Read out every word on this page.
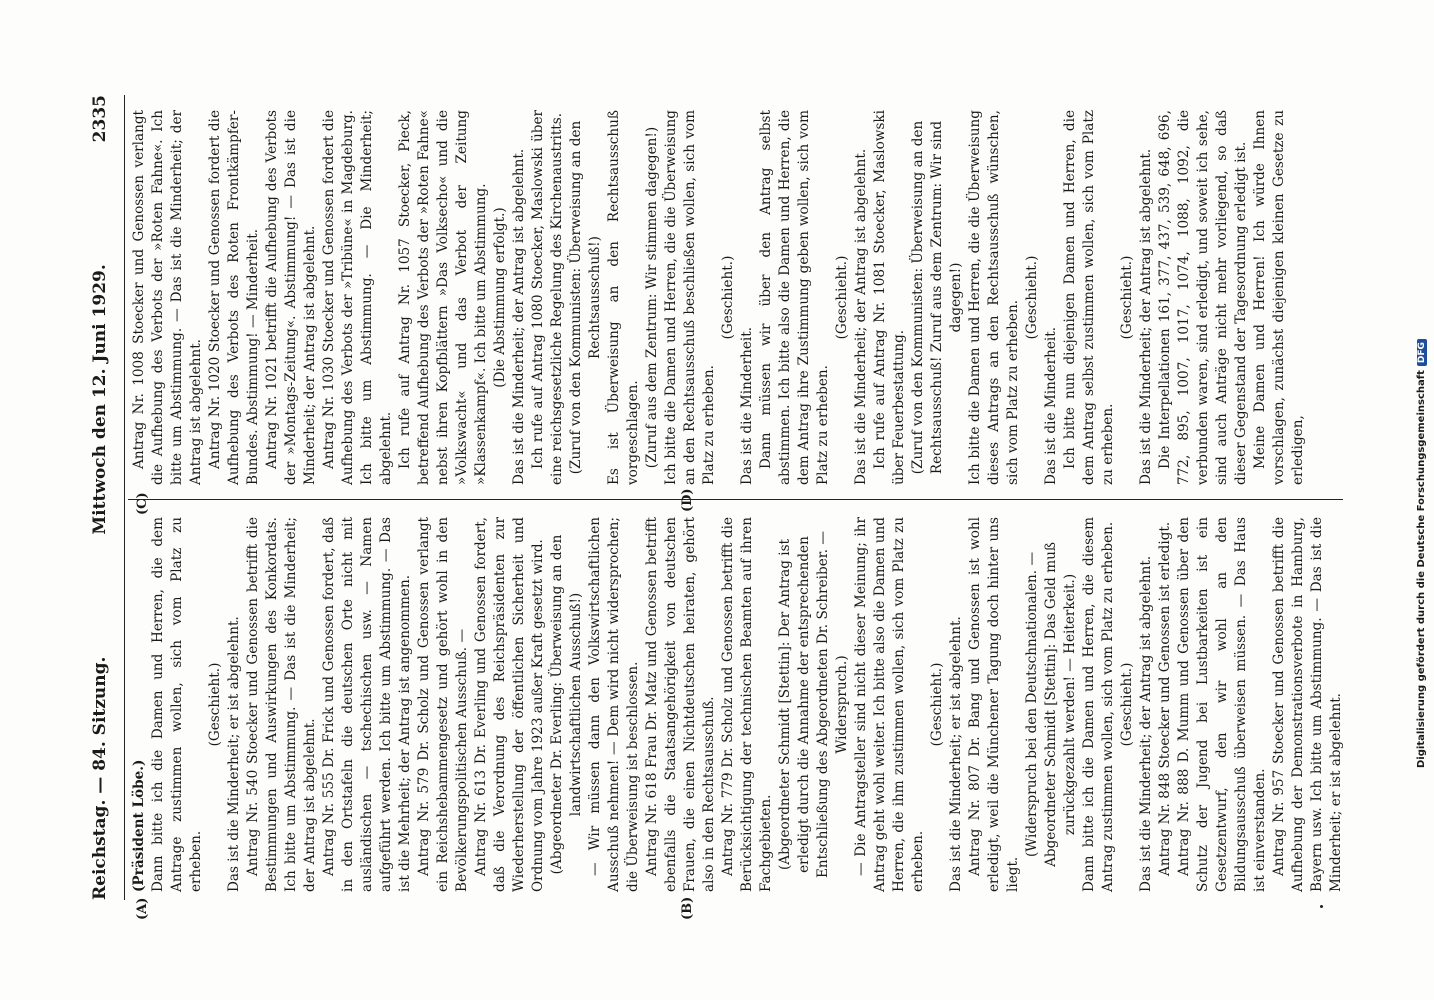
Reichstag. — 84. Sitzung.
Mittwoch den 12. Juni 1929.
2335
(A)	(B)
(C)	(D)

(Präsident Löbe.) Dann bitte ich die Damen und Herren, die dem Antrage zustimmen wollen, sich vom Platz zu erheben.

(Geschieht.) Das ist die Minderheit; er ist abgelehnt. Antrag Nr. 540 Stoecker und Genossen betrifft die Bestimmungen und Auswirkungen des Konkordats. Ich bitte um Abstimmung. — Das ist die Minderheit; der Antrag ist abgelehnt. Antrag Nr. 555 Dr. Frick und Genossen fordert, daß in den Ortstafeln die deutschen Orte nicht mit ausländischen — tschechischen usw. — Namen aufgeführt werden. Ich bitte um Abstimmung. — Das ist die Mehrheit; der Antrag ist angenommen. Antrag Nr. 579 Dr. Scholz und Genossen verlangt ein Reichshebammengesetz und gehört wohl in den Bevölkerungspolitischen Ausschuß. — Antrag Nr. 613 Dr. Everling und Genossen fordert, daß die Verordnung des Reichspräsidenten zur Wiederherstellung der öffentlichen Sicherheit und Ordnung vom Jahre 1923 außer Kraft gesetzt wird. (Abgeordneter Dr. Everling: Überweisung an den landwirtschaftlichen Ausschuß!) — Wir müssen dann den Volkswirtschaftlichen Ausschuß nehmen! — Dem wird nicht widersprochen; die Überweisung ist beschlossen. Antrag Nr. 618 Frau Dr. Matz und Genossen betrifft ebenfalls die Staatsangehörigkeit von deutschen Frauen, die einen Nichtdeutschen heiraten, gehört also in den Rechtsausschuß. Antrag Nr. 779 Dr. Scholz und Genossen betrifft die Berücksichtigung der technischen Beamten auf ihren Fachgebieten. (Abgeordneter Schmidt [Stettin]: Der Antrag ist erledigt durch die Annahme der entsprechenden Entschließung des Abgeordneten Dr. Schreiber. — Widerspruch.) — Die Antragsteller sind nicht dieser Meinung; ihr Antrag geht wohl weiter. Ich bitte also die Damen und Herren, die ihm zustimmen wollen, sich vom Platz zu erheben.

(Geschieht.) Das ist die Minderheit; er ist abgelehnt. Antrag Nr. 807 Dr. Bang und Genossen ist wohl erledigt, weil die Münchener Tagung doch hinter uns liegt.

(Widerspruch bei den Deutschnationalen. — Abgeordneter Schmidt [Stettin]: Das Geld muß zurückgezahlt werden! — Heiterkeit.) Dann bitte ich die Damen und Herren, die diesem Antrag zustimmen wollen, sich vom Platz zu erheben. (Geschieht.) Das ist die Minderheit; der Antrag ist abgelehnt. Antrag Nr. 848 Stoecker und Genossen ist erledigt. Antrag Nr. 888 D. Mumm und Genossen über den Schutz der Jugend bei Lustbarkeiten ist ein Gesetzentwurf, den wir wohl an den Bildungsausschuß überweisen müssen. — Das Haus ist einverstanden. Antrag Nr. 957 Stoecker und Genossen betrifft die Aufhebung der Demonstrationsverbote in Hamburg, Bayern usw. Ich bitte um Abstimmung. — Das ist die Minderheit; er ist abgelehnt.

Antrag Nr. 1008 Stoecker und Genossen verlangt die Aufhebung des Verbots der »Roten Fahne«. Ich bitte um Abstimmung. — Das ist die Minderheit; der Antrag ist abgelehnt. Antrag Nr. 1020 Stoecker und Genossen fordert die Aufhebung des Verbots des Roten Frontkämpfer-Bundes. Abstimmung! — Minderheit. Antrag Nr. 1021 betrifft die Aufhebung des Verbots der »Montags-Zeitung«. Abstimmung! — Das ist die Minderheit; der Antrag ist abgelehnt. Antrag Nr. 1030 Stoecker und Genossen fordert die Aufhebung des Verbots der »Tribüne« in Magdeburg. Ich bitte um Abstimmung. — Die Minderheit; abgelehnt. Ich rufe auf Antrag Nr. 1057 Stoecker, Pieck, betreffend Aufhebung des Verbots der »Roten Fahne« nebst ihren Kopfblättern »Das Volksecho« und die »Volkswacht« und das Verbot der Zeitung »Klassenkampf«. Ich bitte um Abstimmung. (Die Abstimmung erfolgt.) Das ist die Minderheit; der Antrag ist abgelehnt. Ich rufe auf Antrag 1080 Stoecker, Maslowski über eine reichsgesetzliche Regelung des Kirchenaustritts. (Zuruf von den Kommunisten: Überweisung an den Rechtsausschuß!) Es ist Überweisung an den Rechtsausschuß vorgeschlagen. (Zuruf aus dem Zentrum: Wir stimmen dagegen!) Ich bitte die Damen und Herren, die die Überweisung an den Rechtsausschuß beschließen wollen, sich vom Platz zu erheben.

(Geschieht.)

Das ist die Minderheit. Dann müssen wir über den Antrag selbst abstimmen. Ich bitte also die Damen und Herren, die dem Antrag ihre Zustimmung geben wollen, sich vom Platz zu erheben.

(Geschieht.) Das ist die Minderheit; der Antrag ist abgelehnt. Ich rufe auf Antrag Nr. 1081 Stoecker, Maslowski über Feuerbestattung. (Zuruf von den Kommunisten: Überweisung an den Rechtsausschuß! Zuruf aus dem Zentrum: Wir sind dagegen!) Ich bitte die Damen und Herren, die die Überweisung dieses Antrags an den Rechtsausschuß wünschen, sich vom Platz zu erheben.

(Geschieht.)

Das ist die Minderheit. Ich bitte nun diejenigen Damen und Herren, die dem Antrag selbst zustimmen wollen, sich vom Platz zu erheben.

(Geschieht.) Das ist die Minderheit; der Antrag ist abgelehnt. Die Interpellationen 161, 377, 437, 539, 648, 696, 772, 895, 1007, 1017, 1074, 1088, 1092, die verbunden waren, sind erledigt, und soweit ich sehe, sind auch Anträge nicht mehr vorliegend, so daß dieser Gegenstand der Tagesordnung erledigt ist. Meine Damen und Herren! Ich würde Ihnen vorschlagen, zunächst diejenigen kleinen Gesetze zu erledigen,	Digitalisierung gefördert durch die Deutsche Forschungsgemeinschaft
DFG
